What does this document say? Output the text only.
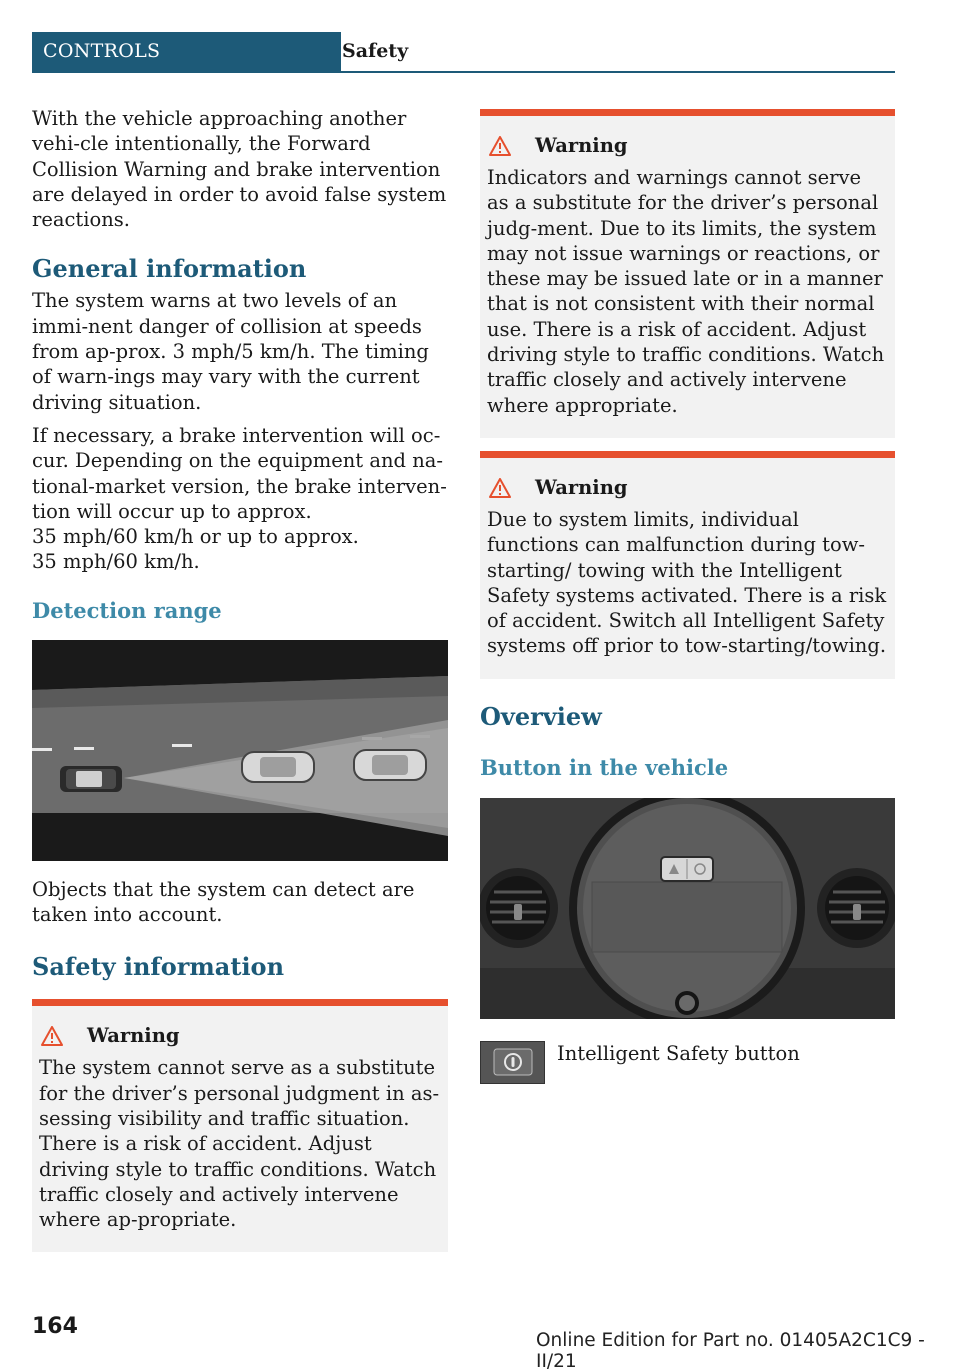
CONTROLS	Safety

With the vehicle approaching another vehi-cle intentionally, the Forward Collision Warning and brake intervention are delayed in order to avoid false system reactions.

General information

The system warns at two levels of an immi-nent danger of collision at speeds from ap-prox. 3 mph/5 km/h. The timing of warn-ings may vary with the current driving situation.

If necessary, a brake intervention will oc-cur. Depending on the equipment and na-tional-market version, the brake interven-tion will occur up to approx.
35 mph/60 km/h or up to approx.
35 mph/60 km/h.

Detection range

Objects that the system can detect are taken into account.

Safety information
Warning

The system cannot serve as a substitute for the driver’s personal judgment in as-sessing visibility and traffic situation. There is a risk of accident. Adjust driving style to traffic conditions. Watch traffic closely and actively intervene where ap-propriate.

Warning

Indicators and warnings cannot serve as a substitute for the driver’s personal judg-ment. Due to its limits, the system may not issue warnings or reactions, or these may be issued late or in a manner that is not consistent with their normal use. There is a risk of accident. Adjust driving style to traffic conditions. Watch traffic closely and actively intervene where appropriate.

Warning

Due to system limits, individual functions can malfunction during tow-starting/ towing with the Intelligent Safety systems activated. There is a risk of accident. Switch all Intelligent Safety systems off prior to tow-starting/towing.

Overview
Button in the vehicle

Intelligent Safety button

164
Online Edition for Part no. 01405A2C1C9 - II/21
